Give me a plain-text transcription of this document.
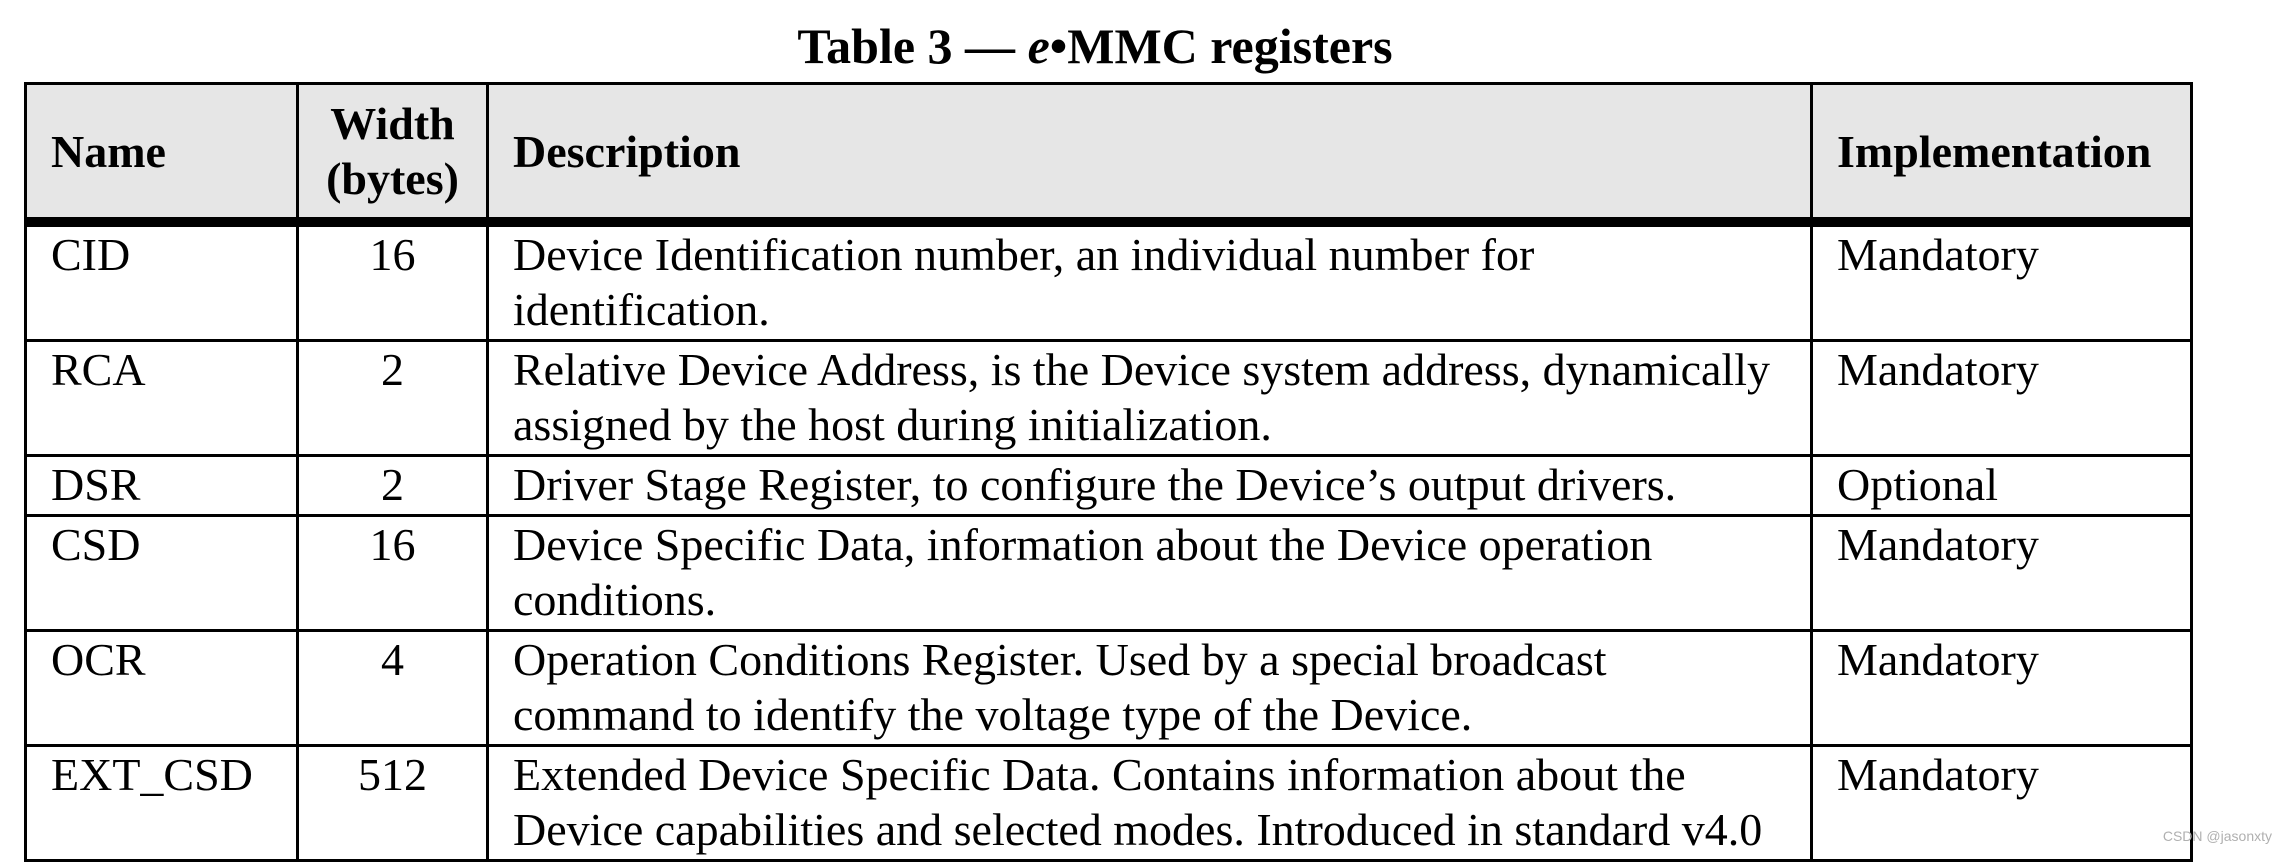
Table 3 — e•MMC registers
Name	Width (bytes)	Description	Implementation
CID	16	Device Identification number, an individual number for identification.	Mandatory
RCA	2	Relative Device Address, is the Device system address, dynamically assigned by the host during initialization.	Mandatory
DSR	2	Driver Stage Register, to configure the Device’s output drivers.	Optional
CSD	16	Device Specific Data, information about the Device operation conditions.	Mandatory
OCR	4	Operation Conditions Register. Used by a special broadcast command to identify the voltage type of the Device.	Mandatory
EXT_CSD	512	Extended Device Specific Data. Contains information about the Device capabilities and selected modes. Introduced in standard v4.0	Mandatory
CSDN @jasonxty
